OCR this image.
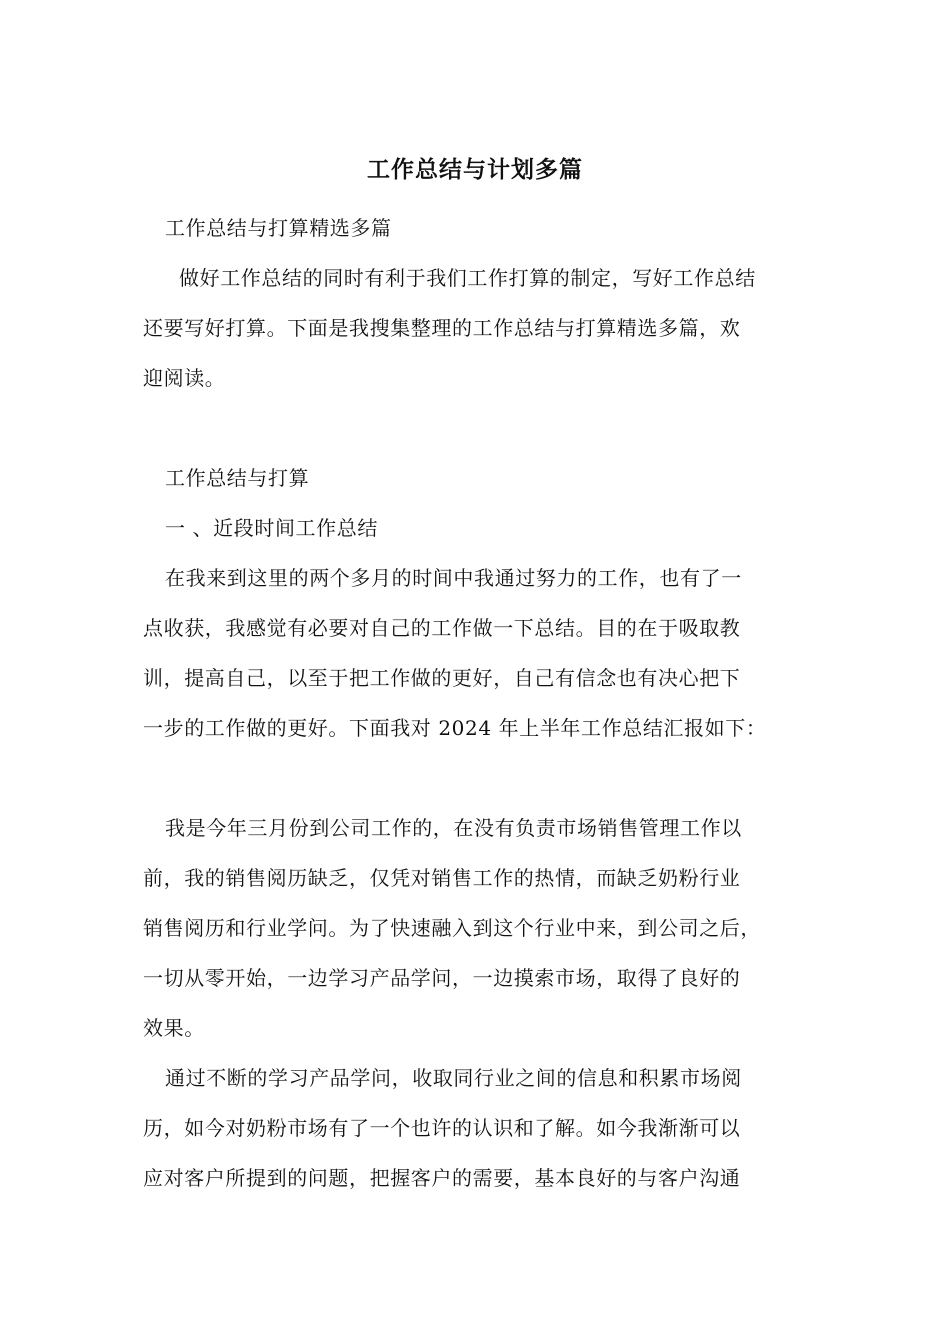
工作总结与计划多篇
工作总结与打算精选多篇
做好工作总结的同时有利于我们工作打算的制定，写好工作总结
还要写好打算。下面是我搜集整理的工作总结与打算精选多篇，欢
迎阅读。
工作总结与打算
一 、近段时间工作总结
在我来到这里的两个多月的时间中我通过努力的工作，也有了一
点收获，我感觉有必要对自己的工作做一下总结。目的在于吸取教
训，提高自己，以至于把工作做的更好，自己有信念也有决心把下
一步的工作做的更好。下面我对 2024 年上半年工作总结汇报如下：
我是今年三月份到公司工作的，在没有负责市场销售管理工作以
前，我的销售阅历缺乏，仅凭对销售工作的热情，而缺乏奶粉行业
销售阅历和行业学问。为了快速融入到这个行业中来，到公司之后，
一切从零开始，一边学习产品学问，一边摸索市场，取得了良好的
效果。
通过不断的学习产品学问，收取同行业之间的信息和积累市场阅
历，如今对奶粉市场有了一个也许的认识和了解。如今我渐渐可以
应对客户所提到的问题，把握客户的需要，基本良好的与客户沟通
